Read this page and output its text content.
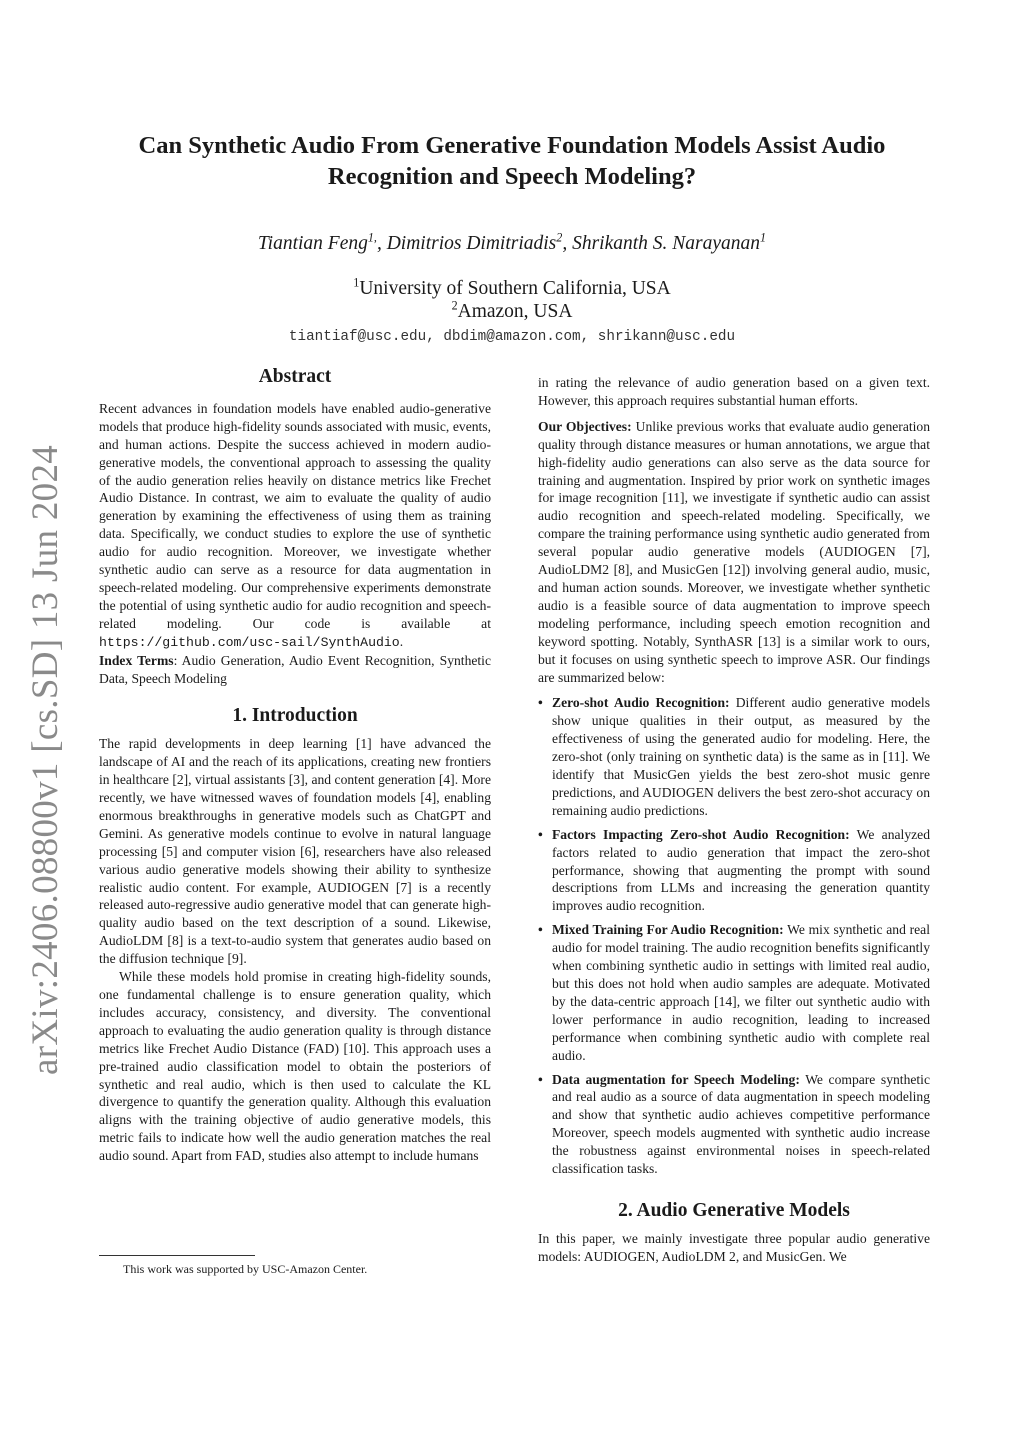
arXiv:2406.08800v1 [cs.SD] 13 Jun 2024
Can Synthetic Audio From Generative Foundation Models Assist Audio Recognition and Speech Modeling?
Tiantian Feng$^{1,}$, Dimitrios Dimitriadis$^2$, Shrikanth S. Narayanan$^1$
$^1$University of Southern California, USA
$^2$Amazon, USA
tiantiaf@usc.edu, dbdim@amazon.com, shrikann@usc.edu
Abstract

Recent advances in foundation models have enabled audio-generative models that produce high-fidelity sounds associated with music, events, and human actions. Despite the success achieved in modern audio-generative models, the conventional approach to assessing the quality of the audio generation relies heavily on distance metrics like Frechet Audio Distance. In contrast, we aim to evaluate the quality of audio generation by examining the effectiveness of using them as training data. Specifically, we conduct studies to explore the use of synthetic audio for audio recognition. Moreover, we investigate whether synthetic audio can serve as a resource for data augmentation in speech-related modeling. Our comprehensive experiments demonstrate the potential of using synthetic audio for audio recognition and speech-related modeling. Our code is available at https://github.com/usc-sail/SynthAudio.

Index Terms: Audio Generation, Audio Event Recognition, Synthetic Data, Speech Modeling

1. Introduction

The rapid developments in deep learning [1] have advanced the landscape of AI and the reach of its applications, creating new frontiers in healthcare [2], virtual assistants [3], and content generation [4]. More recently, we have witnessed waves of foundation models [4], enabling enormous breakthroughs in generative models such as ChatGPT and Gemini. As generative models continue to evolve in natural language processing [5] and computer vision [6], researchers have also released various audio generative models showing their ability to synthesize realistic audio content. For example, AUDIOGEN [7] is a recently released auto-regressive audio generative model that can generate high-quality audio based on the text description of a sound. Likewise, AudioLDM [8] is a text-to-audio system that generates audio based on the diffusion technique [9].

While these models hold promise in creating high-fidelity sounds, one fundamental challenge is to ensure generation quality, which includes accuracy, consistency, and diversity. The conventional approach to evaluating the audio generation quality is through distance metrics like Frechet Audio Distance (FAD) [10]. This approach uses a pre-trained audio classification model to obtain the posteriors of synthetic and real audio, which is then used to calculate the KL divergence to quantify the generation quality. Although this evaluation aligns with the training objective of audio generative models, this metric fails to indicate how well the audio generation matches the real audio sound. Apart from FAD, studies also attempt to include humans

in rating the relevance of audio generation based on a given text. However, this approach requires substantial human efforts.

Our Objectives: Unlike previous works that evaluate audio generation quality through distance measures or human annotations, we argue that high-fidelity audio generations can also serve as the data source for training and augmentation. Inspired by prior work on synthetic images for image recognition [11], we investigate if synthetic audio can assist audio recognition and speech-related modeling. Specifically, we compare the training performance using synthetic audio generated from several popular audio generative models (AUDIOGEN [7], AudioLDM2 [8], and MusicGen [12]) involving general audio, music, and human action sounds. Moreover, we investigate whether synthetic audio is a feasible source of data augmentation to improve speech modeling performance, including speech emotion recognition and keyword spotting. Notably, SynthASR [13] is a similar work to ours, but it focuses on using synthetic speech to improve ASR. Our findings are summarized below:

• Zero-shot Audio Recognition: Different audio generative models show unique qualities in their output, as measured by the effectiveness of using the generated audio for modeling. Here, the zero-shot (only training on synthetic data) is the same as in [11]. We identify that MusicGen yields the best zero-shot music genre predictions, and AUDIOGEN delivers the best zero-shot accuracy on remaining audio predictions.
• Factors Impacting Zero-shot Audio Recognition: We analyzed factors related to audio generation that impact the zero-shot performance, showing that augmenting the prompt with sound descriptions from LLMs and increasing the generation quantity improves audio recognition.
• Mixed Training For Audio Recognition: We mix synthetic and real audio for model training. The audio recognition benefits significantly when combining synthetic audio in settings with limited real audio, but this does not hold when audio samples are adequate. Motivated by the data-centric approach [14], we filter out synthetic audio with lower performance in audio recognition, leading to increased performance when combining synthetic audio with complete real audio.
• Data augmentation for Speech Modeling: We compare synthetic and real audio as a source of data augmentation in speech modeling and show that synthetic audio achieves competitive performance Moreover, speech models augmented with synthetic audio increase the robustness against environmental noises in speech-related classification tasks.
2. Audio Generative Models

In this paper, we mainly investigate three popular audio generative models: AUDIOGEN, AudioLDM 2, and MusicGen. We

This work was supported by USC-Amazon Center.
